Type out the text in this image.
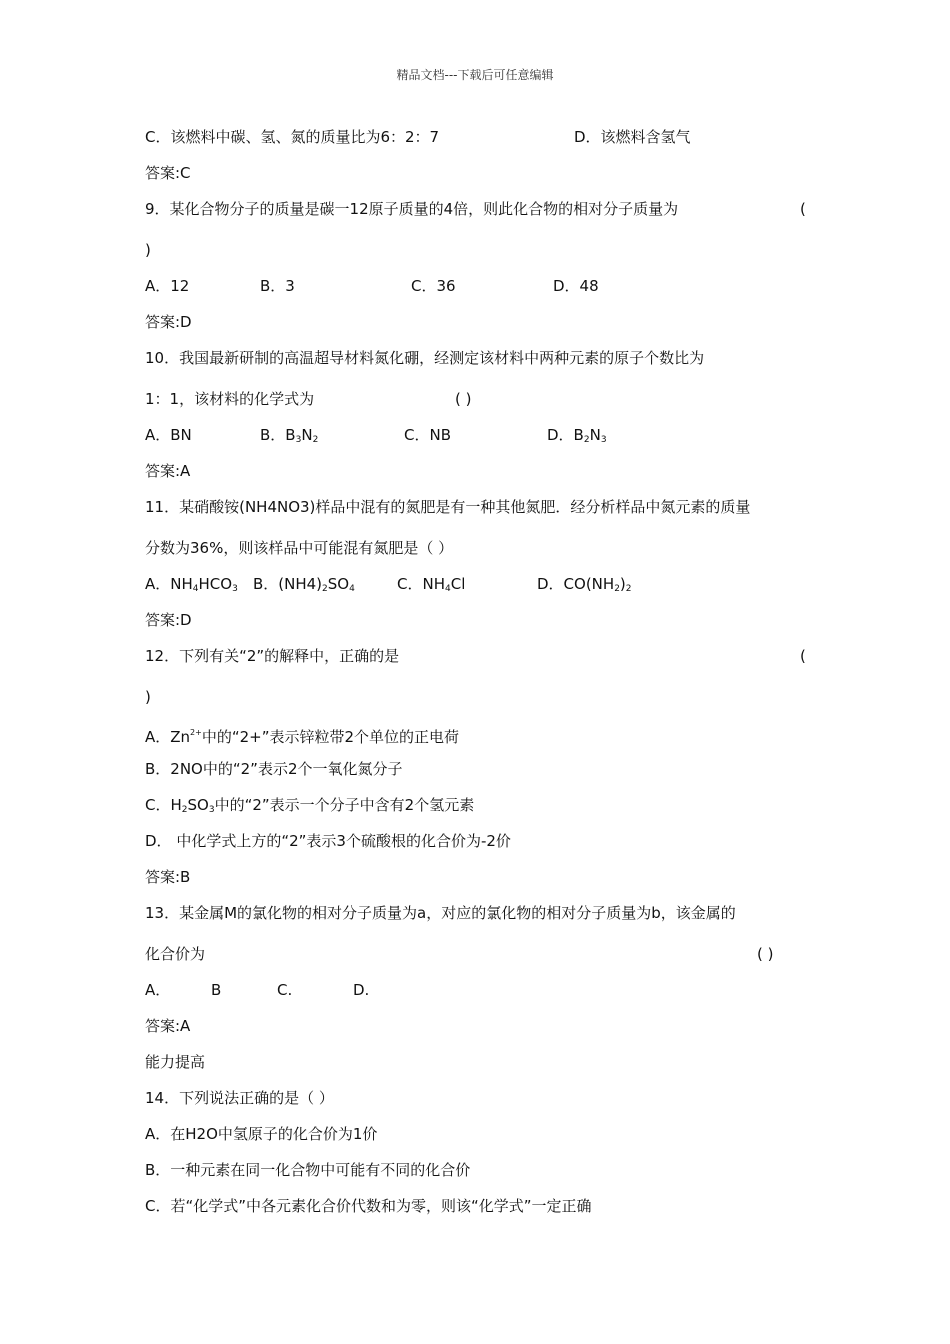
精品文档---下载后可任意编辑
C．该燃料中碳、氢、氮的质量比为6：2：7	D．该燃料含氢气
答案:C
9．某化合物分子的质量是碳一12原子质量的4倍，则此化合物的相对分子质量为	(
)
A．12	B．3	C．36	D．48
答案:D
10．我国最新研制的高温超导材料氮化硼，经测定该材料中两种元素的原子个数比为
1：1，该材料的化学式为	( )
A．BN	B．$B_3N_2$	C．NB	D．$B_2N_3$
答案:A
11．某硝酸铵(NH4NO3)样品中混有的氮肥是有一种其他氮肥．经分析样品中氮元素的质量
分数为36%，则该样品中可能混有氮肥是（ ）
A．$NH_4HCO_3$ B．$(NH4)_2SO_4$	C．$NH_4Cl$	D．$CO(NH_2)_2$
答案:D
12．下列有关“2”的解释中，正确的是	(
)
A．$Zn^{2+}$中的“2+”表示锌粒带2个单位的正电荷
B．2NO中的“2”表示2个一氧化氮分子
C．$H_2SO_3$中的“2”表示一个分子中含有2个氢元素
D． 中化学式上方的“2”表示3个硫酸根的化合价为-2价
答案:B
13．某金属M的氯化物的相对分子质量为a，对应的氯化物的相对分子质量为b，该金属的
化合价为	( )
A．	B	C.	D.
答案:A
能力提高
14．下列说法正确的是（ ）
A．在H2O中氢原子的化合价为1价
B．一种元素在同一化合物中可能有不同的化合价
C．若“化学式”中各元素化合价代数和为零，则该“化学式”一定正确
